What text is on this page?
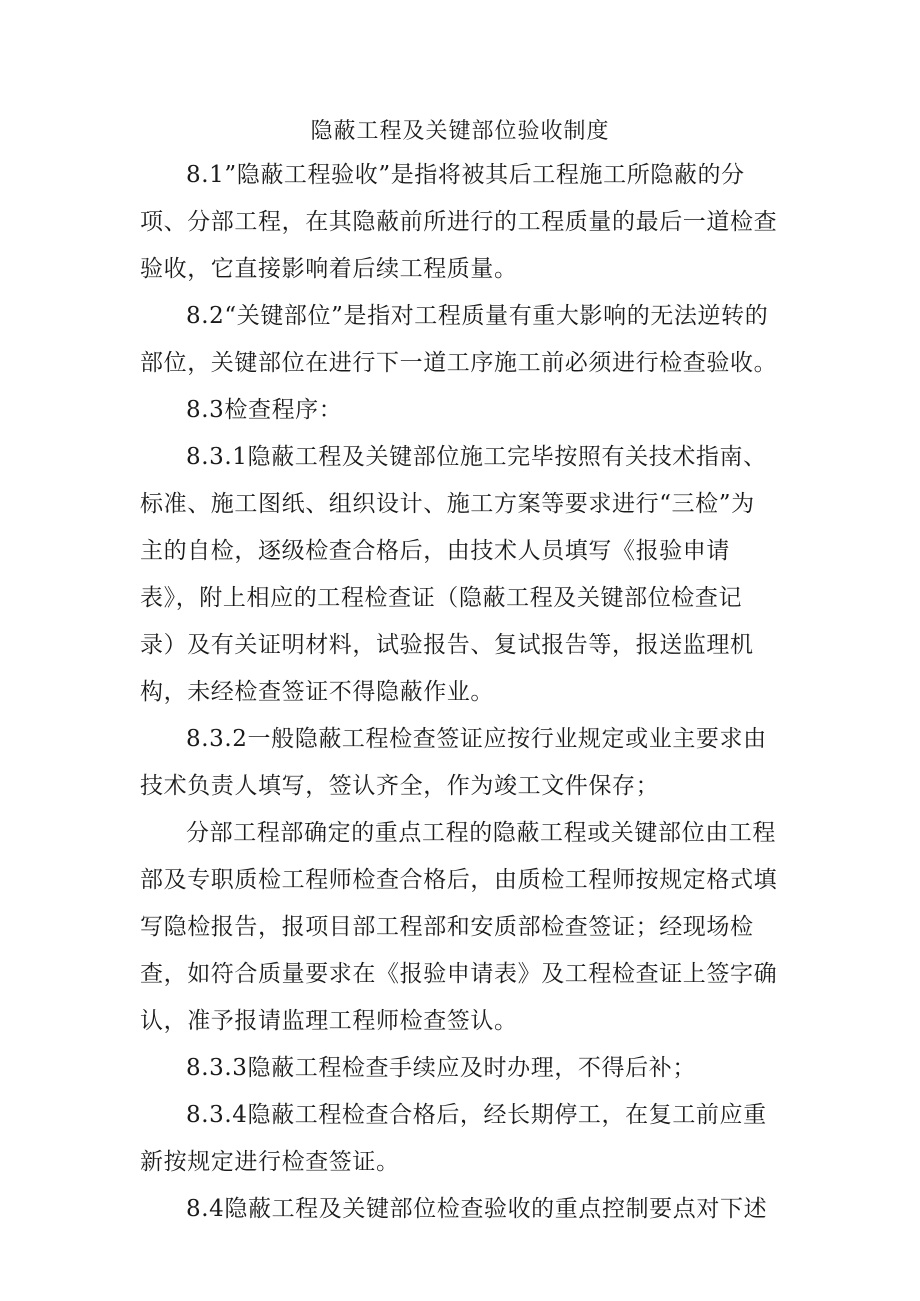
隐蔽工程及关键部位验收制度
8.1”隐蔽工程验收”是指将被其后工程施工所隐蔽的分
项、分部工程，在其隐蔽前所进行的工程质量的最后一道检查
验收，它直接影响着后续工程质量。
8.2“关键部位”是指对工程质量有重大影响的无法逆转的
部位，关键部位在进行下一道工序施工前必须进行检查验收。
8.3检查程序：
8.3.1隐蔽工程及关键部位施工完毕按照有关技术指南、
标准、施工图纸、组织设计、施工方案等要求进行“三检”为
主的自检，逐级检查合格后，由技术人员填写《报验申请
表》，附上相应的工程检查证（隐蔽工程及关键部位检查记
录）及有关证明材料，试验报告、复试报告等，报送监理机
构，未经检查签证不得隐蔽作业。
8.3.2一般隐蔽工程检查签证应按行业规定或业主要求由
技术负责人填写，签认齐全，作为竣工文件保存；
分部工程部确定的重点工程的隐蔽工程或关键部位由工程
部及专职质检工程师检查合格后，由质检工程师按规定格式填
写隐检报告，报项目部工程部和安质部检查签证；经现场检
查，如符合质量要求在《报验申请表》及工程检查证上签字确
认，准予报请监理工程师检查签认。
8.3.3隐蔽工程检查手续应及时办理，不得后补；
8.3.4隐蔽工程检查合格后，经长期停工，在复工前应重
新按规定进行检查签证。
8.4隐蔽工程及关键部位检查验收的重点控制要点对下述
